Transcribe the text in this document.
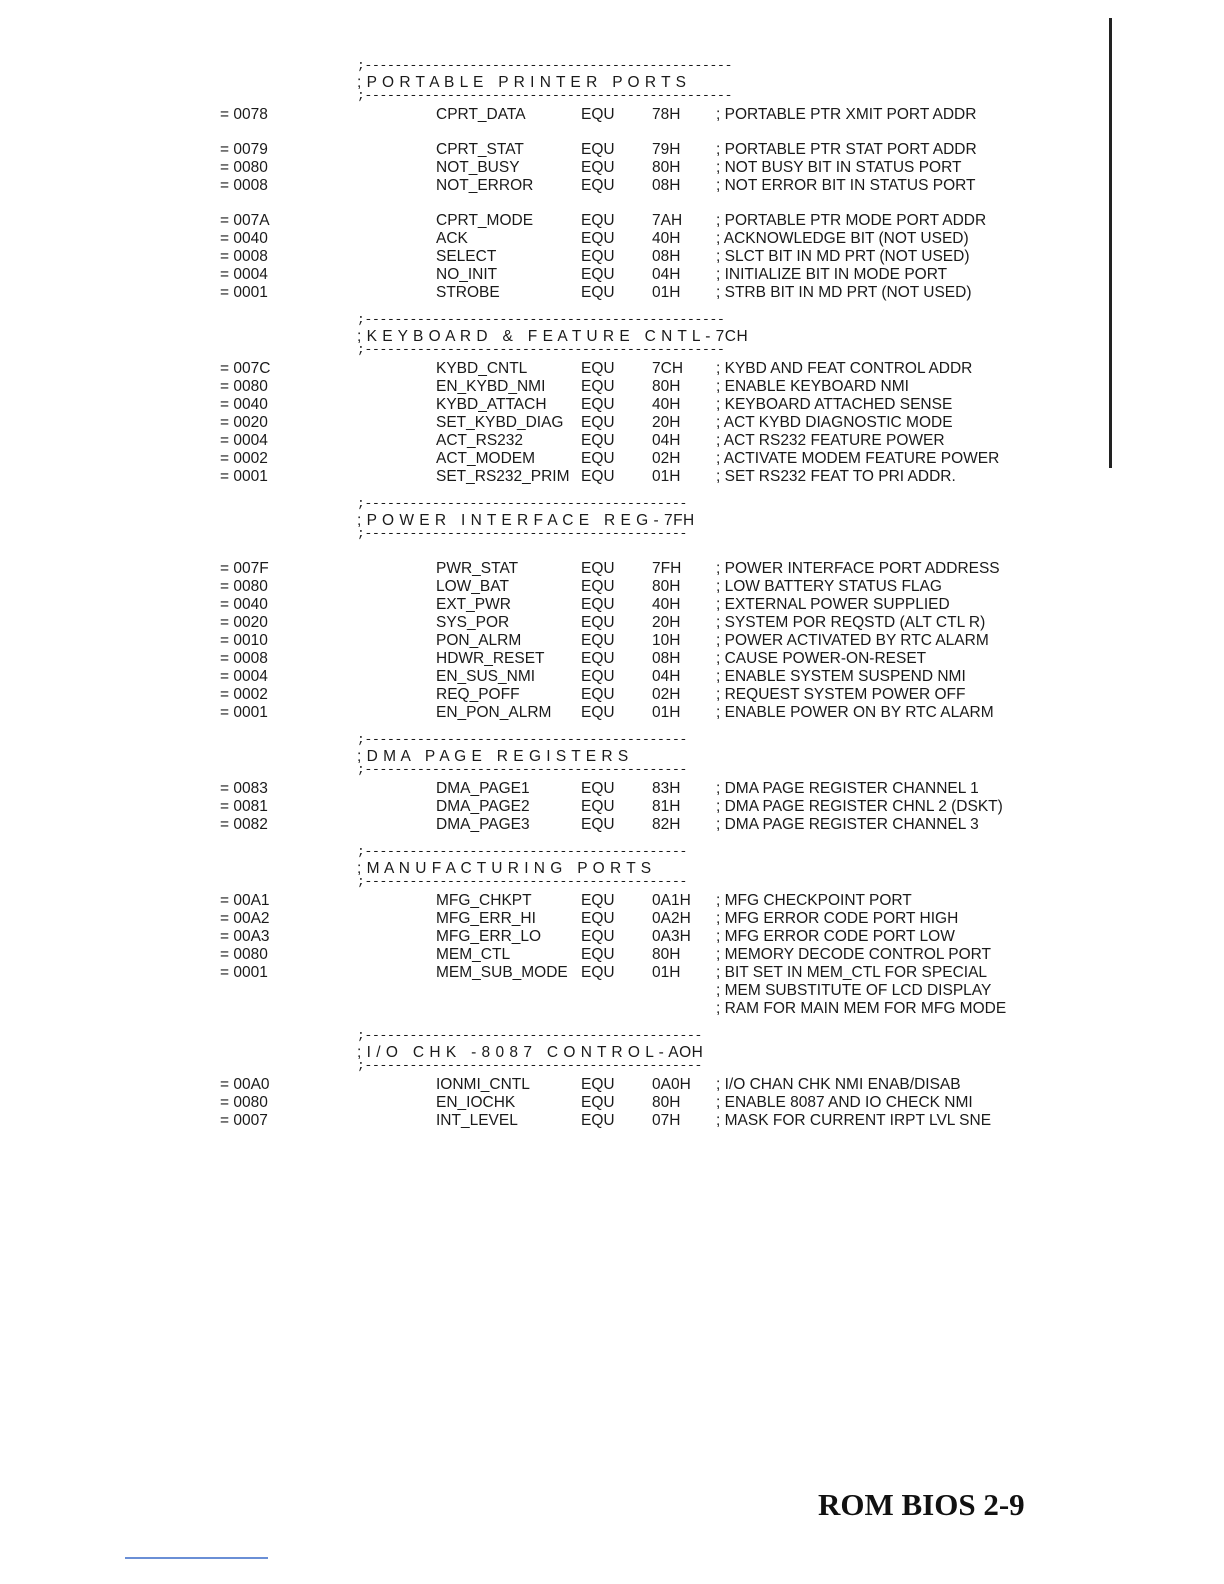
;-------------------------------------------------
; P O R T A B L E   P R I N T E R   P O R T S
;-------------------------------------------------
= 0078	CPRT_DATA	EQU 78H ; PORTABLE PTR XMIT PORT ADDR
= 0079	CPRT_STAT	EQU 79H ; PORTABLE PTR STAT PORT ADDR
= 0080	NOT_BUSY	EQU 80H ; NOT BUSY BIT IN STATUS PORT
= 0008	NOT_ERROR	EQU 08H ; NOT ERROR BIT IN STATUS PORT
= 007A	CPRT_MODE	EQU 7AH ; PORTABLE PTR MODE PORT ADDR
= 0040	ACK	EQU 40H ; ACKNOWLEDGE BIT (NOT USED)
= 0008	SELECT	EQU 08H ; SLCT BIT IN MD PRT (NOT USED)
= 0004	NO_INIT	EQU 04H ; INITIALIZE BIT IN MODE PORT
= 0001	STROBE	EQU 01H ; STRB BIT IN MD PRT (NOT USED)
;------------------------------------------------
; K E Y B O A R D   &   F E A T U R E   C N T L - 7CH
;------------------------------------------------
= 007C	KYBD_CNTL	EQU 7CH ; KYBD AND FEAT CONTROL ADDR
= 0080	EN_KYBD_NMI EQU 80H ; ENABLE KEYBOARD NMI
= 0040	KYBD_ATTACH EQU 40H ; KEYBOARD ATTACHED SENSE
= 0020	SET_KYBD_DIAG EQU 20H ; ACT KYBD DIAGNOSTIC MODE
= 0004	ACT_RS232	EQU 04H ; ACT RS232 FEATURE POWER
= 0002	ACT_MODEM	EQU 02H ; ACTIVATE MODEM FEATURE POWER
= 0001	SET_RS232_PRIM EQU 01H ; SET RS232 FEAT TO PRI ADDR.
;-------------------------------------------
; P O W E R   I N T E R F A C E   R E G - 7FH
;-------------------------------------------
= 007F	PWR_STAT	EQU 7FH ; POWER INTERFACE PORT ADDRESS
= 0080	LOW_BAT	EQU 80H ; LOW BATTERY STATUS FLAG
= 0040	EXT_PWR	EQU 40H ; EXTERNAL POWER SUPPLIED
= 0020	SYS_POR	EQU 20H ; SYSTEM POR REQSTD (ALT CTL R)
= 0010	PON_ALRM	EQU 10H ; POWER ACTIVATED BY RTC ALARM
= 0008	HDWR_RESET EQU 08H ; CAUSE POWER-ON-RESET
= 0004	EN_SUS_NMI	EQU 04H ; ENABLE SYSTEM SUSPEND NMI
= 0002	REQ_POFF	EQU 02H ; REQUEST SYSTEM POWER OFF
= 0001	EN_PON_ALRM EQU 01H ; ENABLE POWER ON BY RTC ALARM
;-------------------------------------------
; D M A   P A G E   R E G I S T E R S
;-------------------------------------------
= 0083	DMA_PAGE1	EQU 83H ; DMA PAGE REGISTER CHANNEL 1
= 0081	DMA_PAGE2	EQU 81H ; DMA PAGE REGISTER CHNL 2 (DSKT)
= 0082	DMA_PAGE3	EQU 82H ; DMA PAGE REGISTER CHANNEL 3
;-------------------------------------------
; M A N U F A C T U R I N G   P O R T S
;-------------------------------------------
= 00A1	MFG_CHKPT	EQU 0A1H ; MFG CHECKPOINT PORT
= 00A2	MFG_ERR_HI	EQU 0A2H ; MFG ERROR CODE PORT HIGH
= 00A3	MFG_ERR_LO	EQU 0A3H ; MFG ERROR CODE PORT LOW
= 0080	MEM_CTL	EQU 80H ; MEMORY DECODE CONTROL PORT
= 0001	MEM_SUB_MODE EQU 01H ; BIT SET IN MEM_CTL FOR SPECIAL
; MEM SUBSTITUTE OF LCD DISPLAY
; RAM FOR MAIN MEM FOR MFG MODE
;---------------------------------------------
; I / O   C H K   - 8 0 8 7   C O N T R O L - AOH
;---------------------------------------------
= 00A0	IONMI_CNTL	EQU 0A0H ; I/O CHAN CHK NMI ENAB/DISAB
= 0080	EN_IOCHK	EQU 80H ; ENABLE 8087 AND IO CHECK NMI
= 0007	INT_LEVEL	EQU 07H ; MASK FOR CURRENT IRPT LVL SNE
ROM BIOS 2-9
